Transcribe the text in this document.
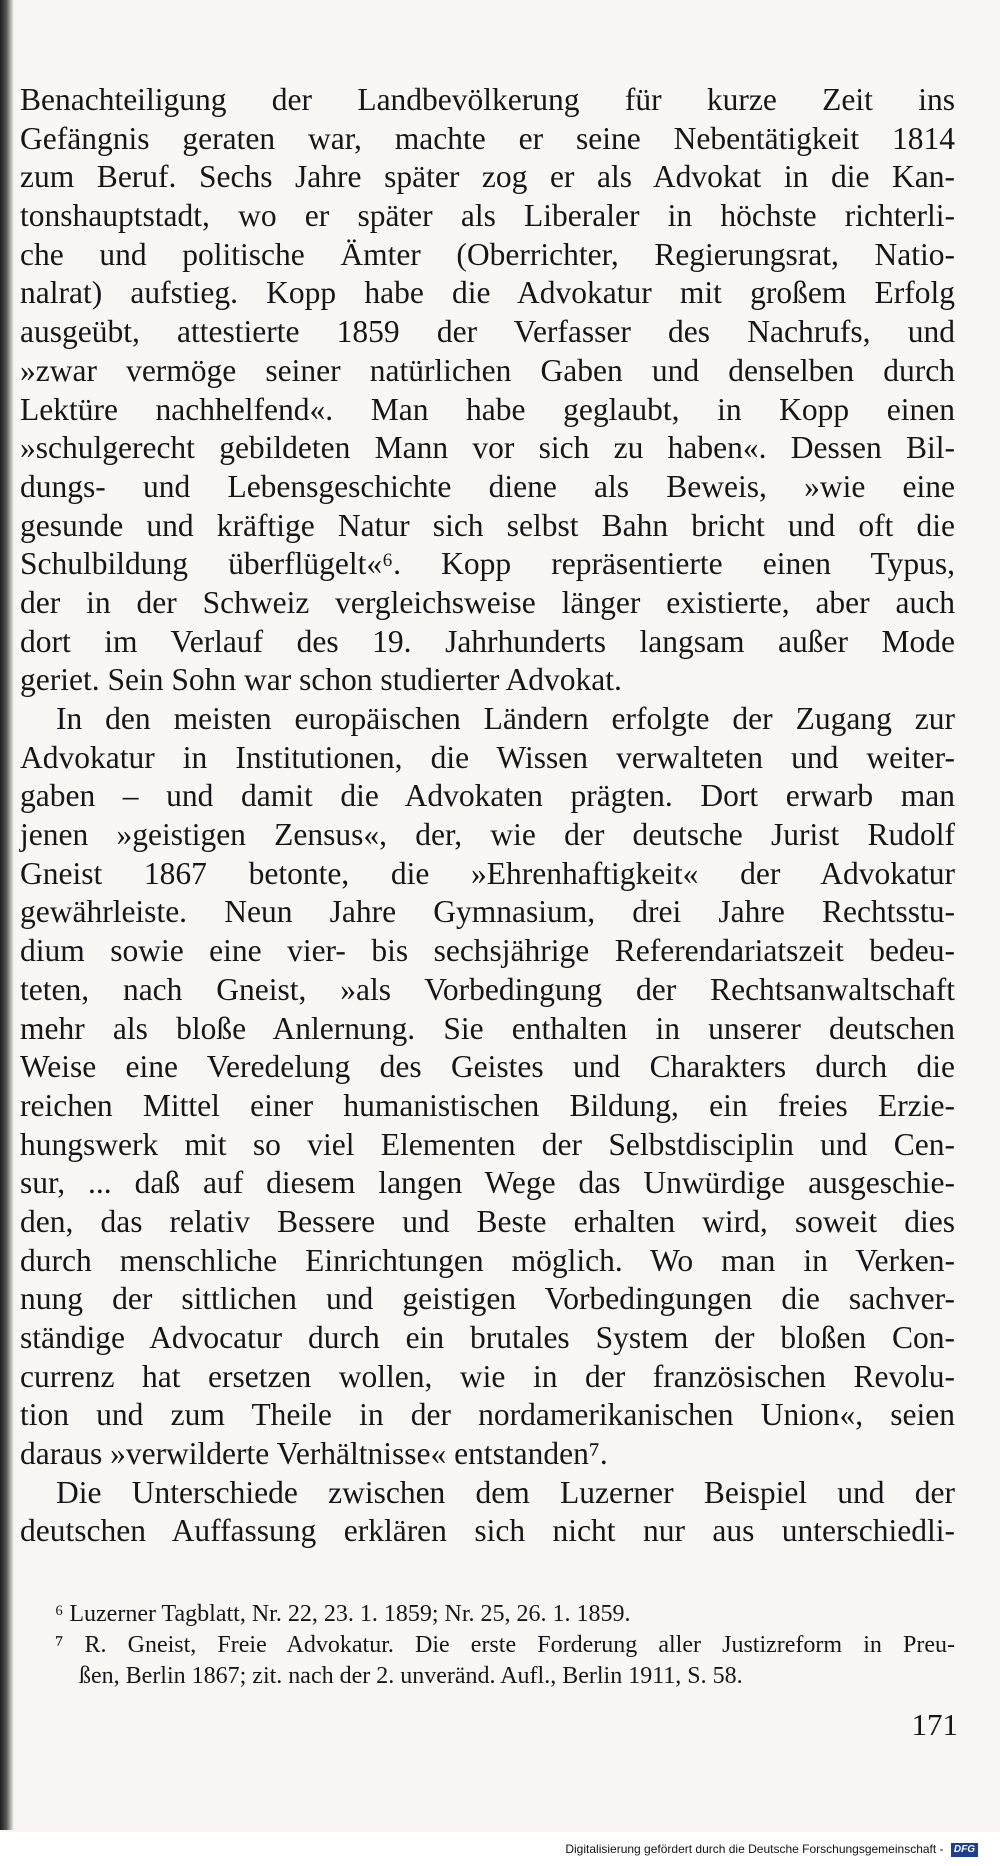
Benachteiligung der Landbevölkerung für kurze Zeit ins
Gefängnis geraten war, machte er seine Nebentätigkeit 1814
zum Beruf. Sechs Jahre später zog er als Advokat in die Kan-
tonshauptstadt, wo er später als Liberaler in höchste richterli-
che und politische Ämter (Oberrichter, Regierungsrat, Natio-
nalrat) aufstieg. Kopp habe die Advokatur mit großem Erfolg
ausgeübt, attestierte 1859 der Verfasser des Nachrufs, und
»zwar vermöge seiner natürlichen Gaben und denselben durch
Lektüre nachhelfend«. Man habe geglaubt, in Kopp einen
»schulgerecht gebildeten Mann vor sich zu haben«. Dessen Bil-
dungs- und Lebensgeschichte diene als Beweis, »wie eine
gesunde und kräftige Natur sich selbst Bahn bricht und oft die
Schulbildung überflügelt«⁶. Kopp repräsentierte einen Typus,
der in der Schweiz vergleichsweise länger existierte, aber auch
dort im Verlauf des 19. Jahrhunderts langsam außer Mode
geriet. Sein Sohn war schon studierter Advokat.
In den meisten europäischen Ländern erfolgte der Zugang zur
Advokatur in Institutionen, die Wissen verwalteten und weiter-
gaben – und damit die Advokaten prägten. Dort erwarb man
jenen »geistigen Zensus«, der, wie der deutsche Jurist Rudolf
Gneist 1867 betonte, die »Ehrenhaftigkeit« der Advokatur
gewährleiste. Neun Jahre Gymnasium, drei Jahre Rechtsstu-
dium sowie eine vier- bis sechsjährige Referendariatszeit bedeu-
teten, nach Gneist, »als Vorbedingung der Rechtsanwaltschaft
mehr als bloße Anlernung. Sie enthalten in unserer deutschen
Weise eine Veredelung des Geistes und Charakters durch die
reichen Mittel einer humanistischen Bildung, ein freies Erzie-
hungswerk mit so viel Elementen der Selbstdisciplin und Cen-
sur, ... daß auf diesem langen Wege das Unwürdige ausgeschie-
den, das relativ Bessere und Beste erhalten wird, soweit dies
durch menschliche Einrichtungen möglich. Wo man in Verken-
nung der sittlichen und geistigen Vorbedingungen die sachver-
ständige Advocatur durch ein brutales System der bloßen Con-
currenz hat ersetzen wollen, wie in der französischen Revolu-
tion und zum Theile in der nordamerikanischen Union«, seien
daraus »verwilderte Verhältnisse« entstanden⁷.
Die Unterschiede zwischen dem Luzerner Beispiel und der
deutschen Auffassung erklären sich nicht nur aus unterschiedli-
⁶ Luzerner Tagblatt, Nr. 22, 23. 1. 1859; Nr. 25, 26. 1. 1859.
⁷ R. Gneist, Freie Advokatur. Die erste Forderung aller Justizreform in Preu-
ßen, Berlin 1867; zit. nach der 2. unveränd. Aufl., Berlin 1911, S. 58.
171
Digitalisierung gefördert durch die Deutsche Forschungsgemeinschaft - DFG
